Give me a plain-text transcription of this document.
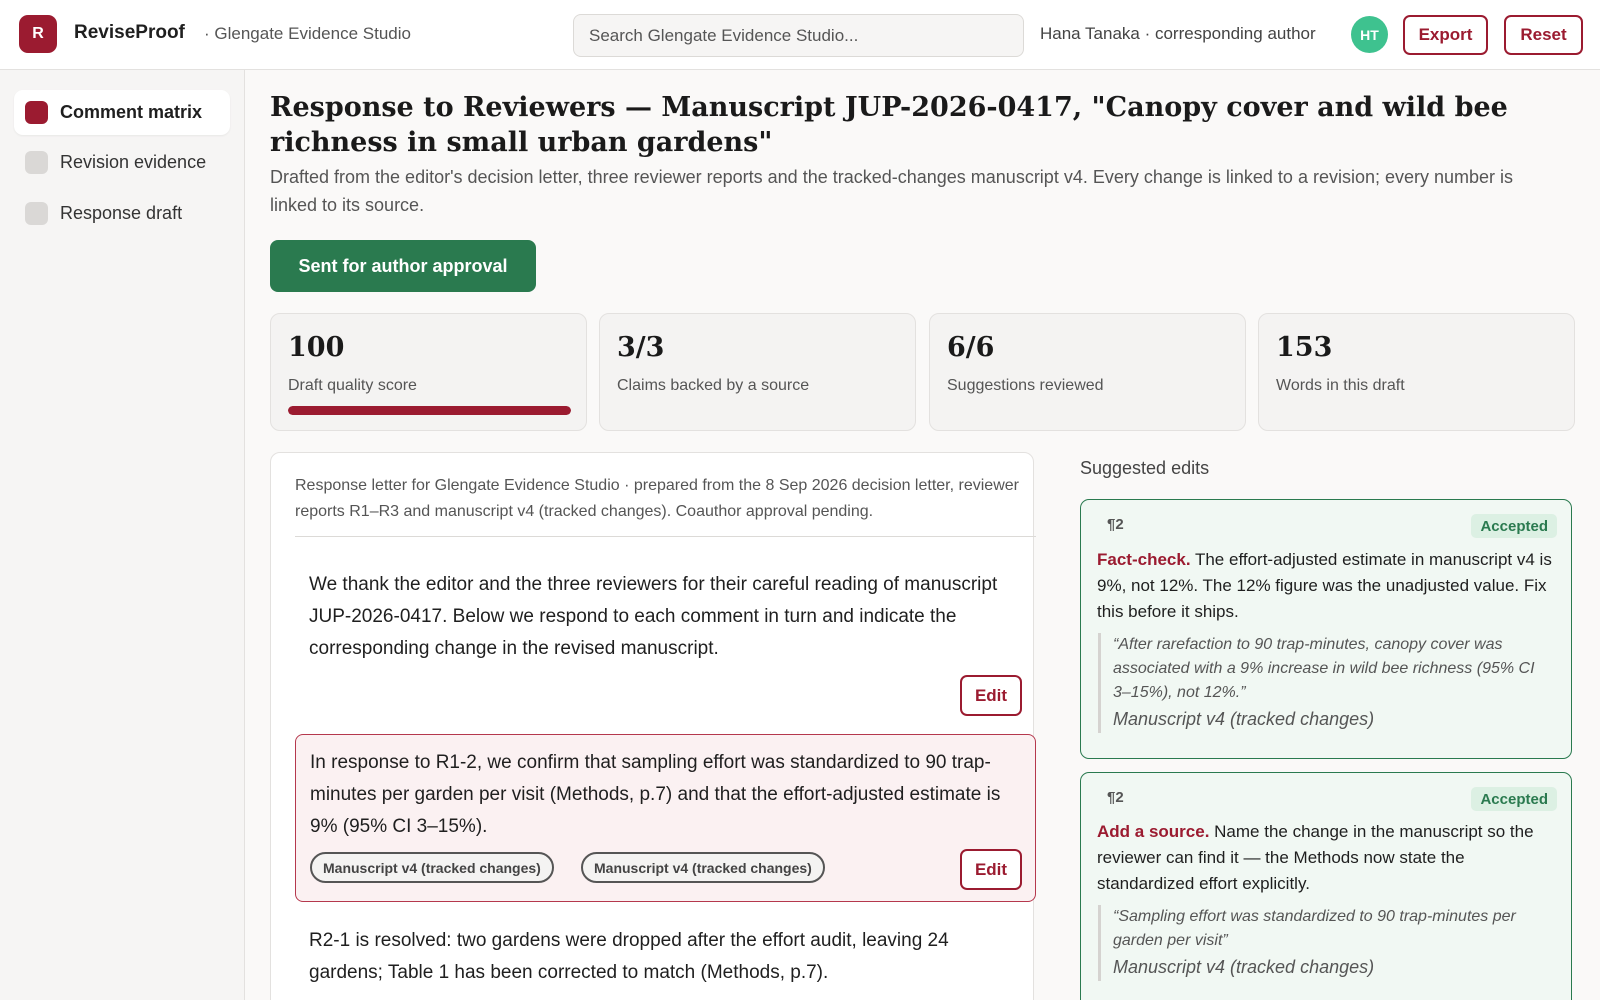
R	ReviseProof · Glengate Evidence Studio
Search Glengate Evidence Studio...	Hana Tanaka · corresponding author	HT	Export	Reset
Comment matrix
Revision evidence
Response draft
Response to Reviewers — Manuscript JUP-2026-0417, "Canopy cover and wild bee richness in small urban gardens"

Drafted from the editor's decision letter, three reviewer reports and the tracked-changes manuscript v4. Every change is linked to a revision; every number is linked to its source.

Sent for author approval
100
Draft quality score
3/3
Claims backed by a source
6/6
Suggestions reviewed
153
Words in this draft

Response letter for Glengate Evidence Studio · prepared from the 8 Sep 2026 decision letter, reviewer reports R1–R3 and manuscript v4 (tracked changes). Coauthor approval pending.

We thank the editor and the three reviewers for their careful reading of manuscript JUP-2026-0417. Below we respond to each comment in turn and indicate the corresponding change in the revised manuscript.
Edit
In response to R1-2, we confirm that sampling effort was standardized to 90 trap-minutes per garden per visit (Methods, p.7) and that the effort-adjusted estimate is 9% (95% CI 3–15%).
Manuscript v4 (tracked changes)	Manuscript v4 (tracked changes)	Edit
R2-1 is resolved: two gardens were dropped after the effort audit, leaving 24 gardens; Table 1 has been corrected to match (Methods, p.7).
Suggested edits
¶2	Accepted

Fact-check. The effort-adjusted estimate in manuscript v4 is 9%, not 12%. The 12% figure was the unadjusted value. Fix this before it ships.

“After rarefaction to 90 trap-minutes, canopy cover was associated with a 9% increase in wild bee richness (95% CI 3–15%), not 12%.”
Manuscript v4 (tracked changes)
¶2	Accepted

Add a source. Name the change in the manuscript so the reviewer can find it — the Methods now state the standardized effort explicitly.

“Sampling effort was standardized to 90 trap-minutes per garden per visit”
Manuscript v4 (tracked changes)
